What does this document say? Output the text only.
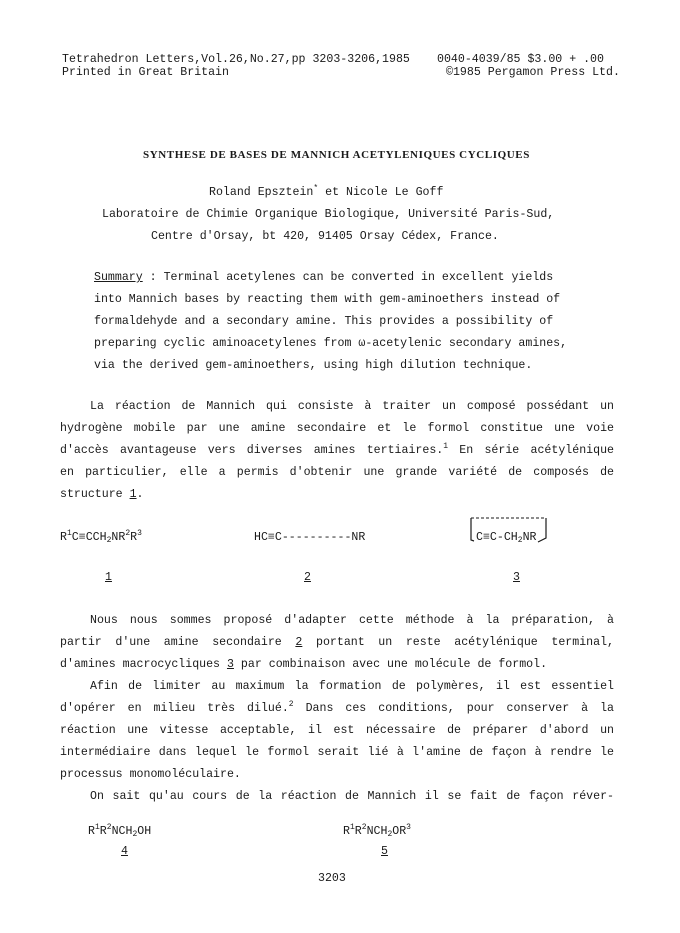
Tetrahedron Letters,Vol.26,No.27,pp 3203-3206,1985
Printed in Great Britain
0040-4039/85 $3.00 + .00
©1985 Pergamon Press Ltd.
SYNTHESE DE BASES DE MANNICH ACETYLENIQUES CYCLIQUES
Roland Epsztein* et Nicole Le Goff
Laboratoire de Chimie Organique Biologique, Université Paris-Sud,
Centre d'Orsay, bt 420, 91405 Orsay Cédex, France.
Summary : Terminal acetylenes can be converted in excellent yields
into Mannich bases by reacting them with gem-aminoethers instead of
formaldehyde and a secondary amine. This provides a possibility of
preparing cyclic aminoacetylenes from ω-acetylenic secondary amines,
via the derived gem-aminoethers, using high dilution technique.
La réaction de Mannich qui consiste à traiter un composé possédant un
hydrogène mobile par une amine secondaire et le formol constitue une voie
d'accès avantageuse vers diverses amines tertiaires.$^1$ En série acétylénique
en particulier, elle a permis d'obtenir une grande variété de composés de
structure 1.
$R^1C\equiv CCH_2NR^2R^3$
1
HC≡C----------NR
2
$C\equiv C-CH_2NR$
3
Nous nous sommes proposé d'adapter cette méthode à la préparation, à
partir d'une amine secondaire 2 portant un reste acétylénique terminal,
d'amines macrocycliques 3 par combinaison avec une molécule de formol.
Afin de limiter au maximum la formation de polymères, il est essentiel
d'opérer en milieu très dilué.$^2$ Dans ces conditions, pour conserver à la
réaction une vitesse acceptable, il est nécessaire de préparer d'abord un
intermédiaire dans lequel le formol serait lié à l'amine de façon à rendre le
processus monomoléculaire.
On sait qu'au cours de la réaction de Mannich il se fait de façon réver-
$R^1R^2NCH_2OH$
4
$R^1R^2NCH_2OR^3$
5
3203
